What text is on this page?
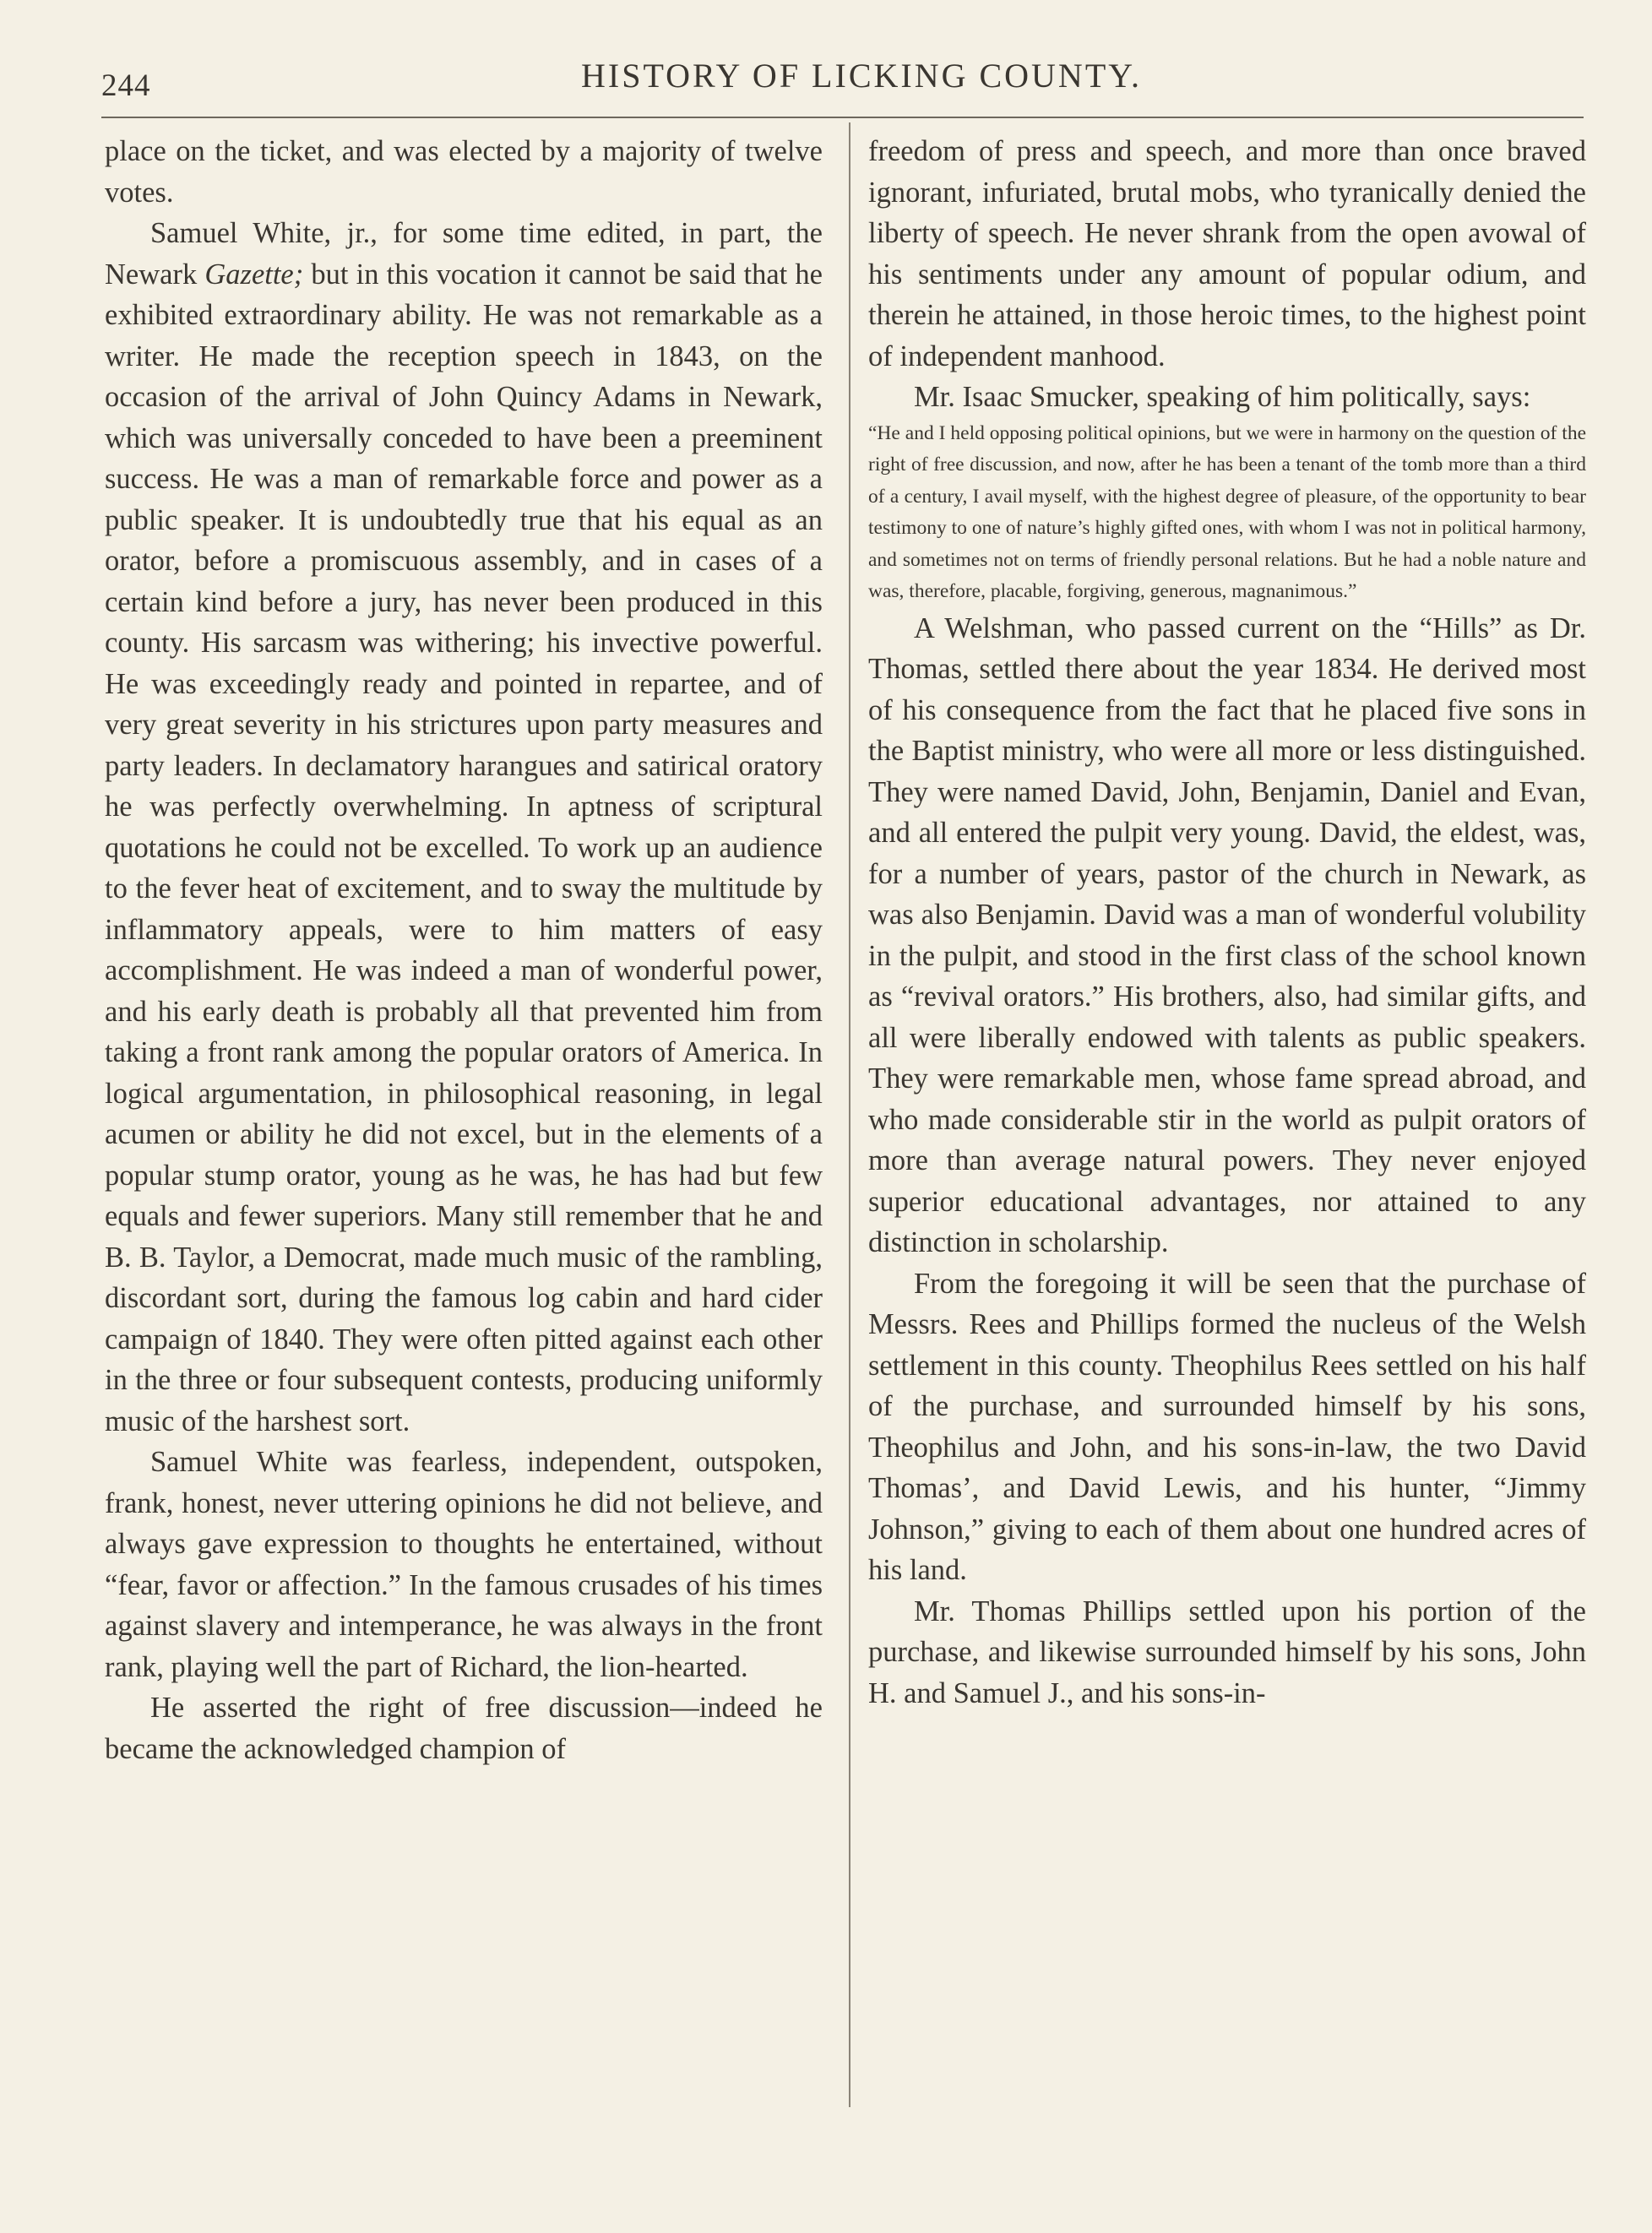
244	HISTORY OF LICKING COUNTY.

place on the ticket, and was elected by a majority of twelve votes.

Samuel White, jr., for some time edited, in part, the Newark Gazette; but in this vocation it cannot be said that he exhibited extraordinary ability. He was not remarkable as a writer. He made the reception speech in 1843, on the occasion of the arrival of John Quincy Adams in Newark, which was universally conceded to have been a preeminent success. He was a man of remarkable force and power as a public speaker. It is undoubtedly true that his equal as an orator, before a promiscuous assembly, and in cases of a certain kind before a jury, has never been produced in this county. His sarcasm was withering; his invective powerful. He was exceedingly ready and pointed in repartee, and of very great severity in his strictures upon party measures and party leaders. In declamatory harangues and satirical oratory he was perfectly overwhelming. In aptness of scriptural quotations he could not be excelled. To work up an audience to the fever heat of excitement, and to sway the multitude by inflammatory appeals, were to him matters of easy accomplishment. He was indeed a man of wonderful power, and his early death is probably all that prevented him from taking a front rank among the popular orators of America. In logical argumentation, in philosophical reasoning, in legal acumen or ability he did not excel, but in the elements of a popular stump orator, young as he was, he has had but few equals and fewer superiors. Many still remember that he and B. B. Taylor, a Democrat, made much music of the rambling, discordant sort, during the famous log cabin and hard cider campaign of 1840. They were often pitted against each other in the three or four subsequent contests, producing uniformly music of the harshest sort.

Samuel White was fearless, independent, outspoken, frank, honest, never uttering opinions he did not believe, and always gave expression to thoughts he entertained, without “fear, favor or affection.” In the famous crusades of his times against slavery and intemperance, he was always in the front rank, playing well the part of Richard, the lion-hearted.

He asserted the right of free discussion—indeed he became the acknowledged champion of

freedom of press and speech, and more than once braved ignorant, infuriated, brutal mobs, who tyranically denied the liberty of speech. He never shrank from the open avowal of his sentiments under any amount of popular odium, and therein he attained, in those heroic times, to the highest point of independent manhood.

Mr. Isaac Smucker, speaking of him politically, says:

“He and I held opposing political opinions, but we were in harmony on the question of the right of free discussion, and now, after he has been a tenant of the tomb more than a third of a century, I avail myself, with the highest degree of pleasure, of the opportunity to bear testimony to one of nature’s highly gifted ones, with whom I was not in political harmony, and sometimes not on terms of friendly personal relations. But he had a noble nature and was, therefore, placable, forgiving, generous, magnanimous.”

A Welshman, who passed current on the “Hills” as Dr. Thomas, settled there about the year 1834. He derived most of his consequence from the fact that he placed five sons in the Baptist ministry, who were all more or less distinguished. They were named David, John, Benjamin, Daniel and Evan, and all entered the pulpit very young. David, the eldest, was, for a number of years, pastor of the church in Newark, as was also Benjamin. David was a man of wonderful volubility in the pulpit, and stood in the first class of the school known as “revival orators.” His brothers, also, had similar gifts, and all were liberally endowed with talents as public speakers. They were remarkable men, whose fame spread abroad, and who made considerable stir in the world as pulpit orators of more than average natural powers. They never enjoyed superior educational advantages, nor attained to any distinction in scholarship.

From the foregoing it will be seen that the purchase of Messrs. Rees and Phillips formed the nucleus of the Welsh settlement in this county. Theophilus Rees settled on his half of the purchase, and surrounded himself by his sons, Theophilus and John, and his sons-in-law, the two David Thomas’, and David Lewis, and his hunter, “Jimmy Johnson,” giving to each of them about one hundred acres of his land.

Mr. Thomas Phillips settled upon his portion of the purchase, and likewise surrounded himself by his sons, John H. and Samuel J., and his sons-in-
